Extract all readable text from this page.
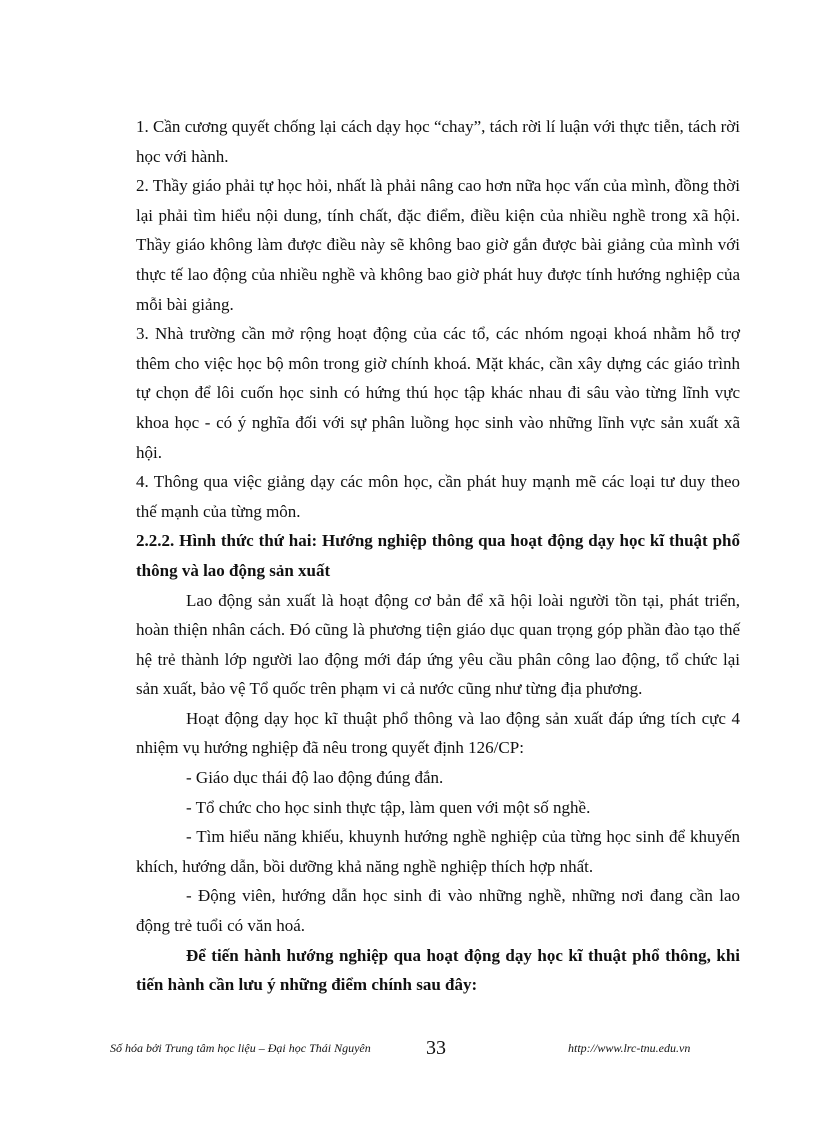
1. Cần cương quyết chống lại cách dạy học “chay”, tách rời lí luận với thực tiễn, tách rời học với hành.

2. Thầy giáo phải tự học hỏi, nhất là phải nâng cao hơn nữa học vấn của mình, đồng thời lại phải tìm hiểu nội dung, tính chất, đặc điểm, điều kiện của nhiều nghề trong xã hội. Thầy giáo không làm được điều này sẽ không bao giờ gắn được bài giảng của mình với thực tế lao động của nhiều nghề và không bao giờ phát huy được tính hướng nghiệp của mỗi bài giảng.

3. Nhà trường cần mở rộng hoạt động của các tổ, các nhóm ngoại khoá nhằm hỗ trợ thêm cho việc học bộ môn trong giờ chính khoá. Mặt khác, cần xây dựng các giáo trình tự chọn để lôi cuốn học sinh có hứng thú học tập khác nhau đi sâu vào từng lĩnh vực khoa học - có ý nghĩa đối với sự phân luồng học sinh vào những lĩnh vực sản xuất xã hội.

4. Thông qua việc giảng dạy các môn học, cần phát huy mạnh mẽ các loại tư duy theo thế mạnh của từng môn.

2.2.2. Hình thức thứ hai: Hướng nghiệp thông qua hoạt động dạy học kĩ thuật phổ thông và lao động sản xuất

Lao động sản xuất là hoạt động cơ bản để xã hội loài người tồn tại, phát triển, hoàn thiện nhân cách. Đó cũng là phương tiện giáo dục quan trọng góp phần đào tạo thế hệ trẻ thành lớp người lao động mới đáp ứng yêu cầu phân công lao động, tổ chức lại sản xuất, bảo vệ Tổ quốc trên phạm vi cả nước cũng như từng địa phương.

Hoạt động dạy học kĩ thuật phổ thông và lao động sản xuất đáp ứng tích cực 4 nhiệm vụ hướng nghiệp đã nêu trong quyết định 126/CP:

- Giáo dục thái độ lao động đúng đắn.

- Tổ chức cho học sinh thực tập, làm quen với một số nghề.

- Tìm hiểu năng khiếu, khuynh hướng nghề nghiệp của từng học sinh để khuyến khích, hướng dẫn, bồi dưỡng khả năng nghề nghiệp thích hợp nhất.

- Động viên, hướng dẫn học sinh đi vào những nghề, những nơi đang cần lao động trẻ tuổi có văn hoá.

Để tiến hành hướng nghiệp qua hoạt động dạy học kĩ thuật phổ thông, khi tiến hành cần lưu ý những điểm chính sau đây:

Số hóa bởi Trung tâm học liệu – Đại học Thái Nguyên	33	http://www.lrc-tnu.edu.vn
